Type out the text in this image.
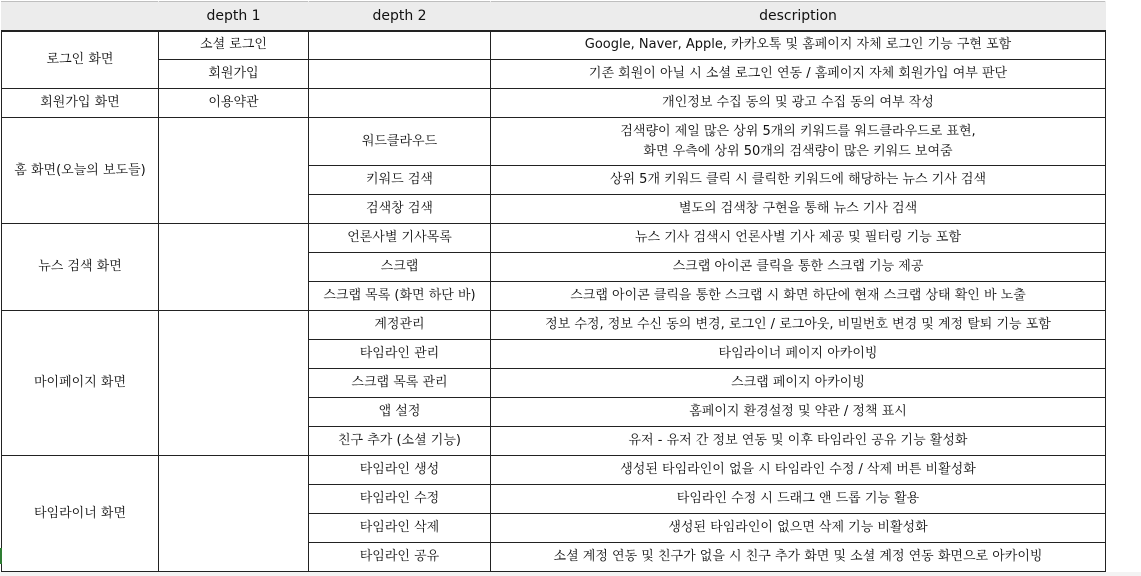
	depth 1	depth 2	description
로그인 화면	소셜 로그인		Google, Naver, Apple, 카카오톡 및 홈페이지 자체 로그인 기능 구현 포함
	회원가입		기존 회원이 아닐 시 소셜 로그인 연동 / 홈페이지 자체 회원가입 여부 판단
회원가입 화면	이용약관		개인정보 수집 동의 및 광고 수집 동의 여부 작성
홈 화면(오늘의 보도들)		워드클라우드	검색량이 제일 많은 상위 5개의 키워드를 워드클라우드로 표현,
화면 우측에 상위 50개의 검색량이 많은 키워드 보여줌

		키워드 검색	상위 5개 키워드 클릭 시 클릭한 키워드에 해당하는 뉴스 기사 검색
		검색창 검색	별도의 검색창 구현을 통해 뉴스 기사 검색
뉴스 검색 화면		언론사별 기사목록	뉴스 기사 검색시 언론사별 기사 제공 및 필터링 기능 포함
		스크랩	스크랩 아이콘 클릭을 통한 스크랩 기능 제공
		스크랩 목록 (화면 하단 바)	스크랩 아이콘 클릭을 통한 스크랩 시 화면 하단에 현재 스크랩 상태 확인 바 노출
마이페이지 화면		계정관리	정보 수정, 정보 수신 동의 변경, 로그인 / 로그아웃, 비밀번호 변경 및 계정 탈퇴 기능 포함
		타임라인 관리	타임라이너 페이지 아카이빙
		스크랩 목록 관리	스크랩 페이지 아카이빙
		앱 설정	홈페이지 환경설정 및 약관 / 정책 표시
		친구 추가 (소셜 기능)	유저 - 유저 간 정보 연동 및 이후 타임라인 공유 기능 활성화
타임라이너 화면		타임라인 생성	생성된 타임라인이 없을 시 타임라인 수정 / 삭제 버튼 비활성화
		타임라인 수정	타임라인 수정 시 드래그 앤 드롭 기능 활용
		타임라인 삭제	생성된 타임라인이 없으면 삭제 기능 비활성화
		타임라인 공유	소셜 계정 연동 및 친구가 없을 시 친구 추가 화면 및 소셜 계정 연동 화면으로 아카이빙
